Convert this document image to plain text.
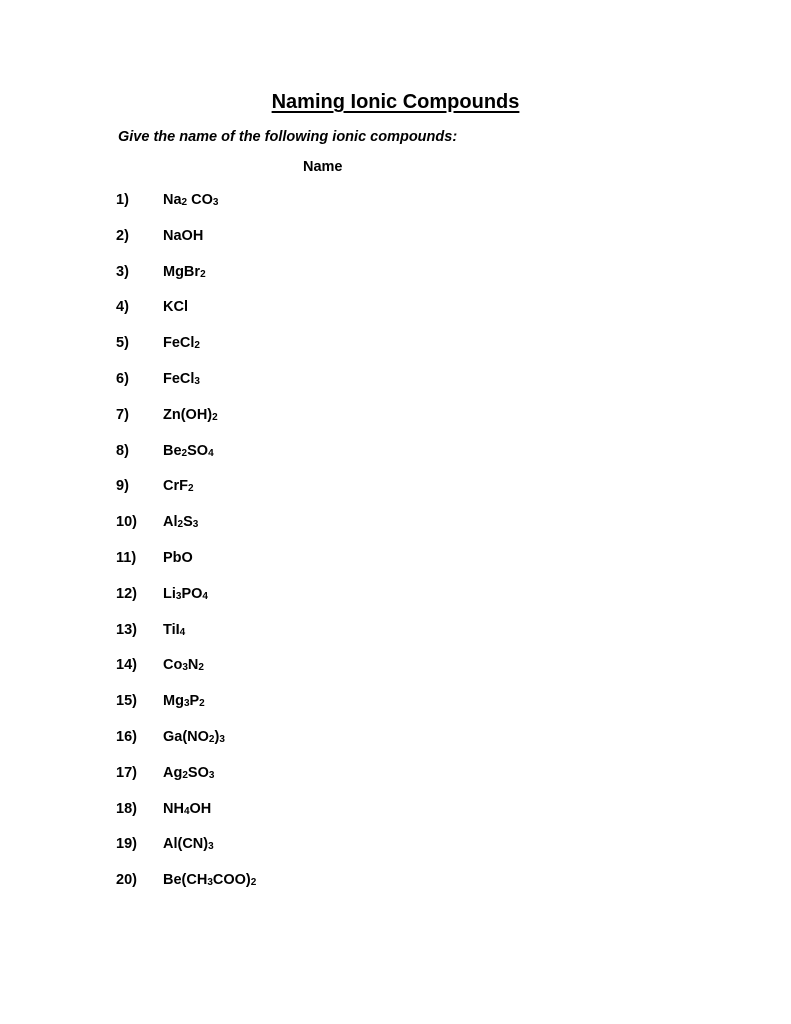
Naming Ionic Compounds
Give the name of the following ionic compounds:
Name
1) $Na_2$ $CO_3$
2) NaOH
3) MgBr$_2$
4) KCl
5) FeCl$_2$
6) FeCl$_3$
7) $Zn(OH)_2$
8) $Be_2SO_4$
9) CrF$_2$
10) $Al_2S_3$
11) PbO
12) $Li_3PO_4$
13) TiI$_4$
14) $Co_3N_2$
15) $Mg_3P_2$
16) $Ga(NO_2)_3$
17) $Ag_2SO_3$
18) $NH_4OH$
19) $Al(CN)_3$
20) $Be(CH_3COO)_2$
